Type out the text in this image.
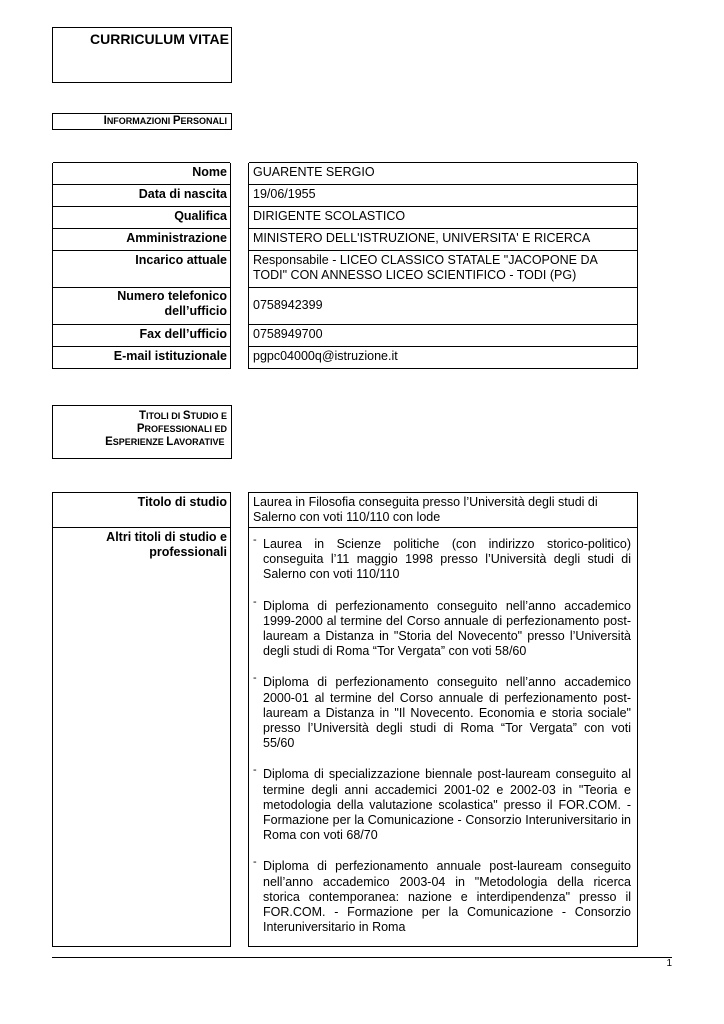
CURRICULUM VITAE
INFORMAZIONI PERSONALI
Nome
Data di nascita
Qualifica
Amministrazione
Incarico attuale
Numero telefonico dell’ufficio
Fax dell’ufficio
E-mail istituzionale
GUARENTE SERGIO
19/06/1955
DIRIGENTE SCOLASTICO
MINISTERO DELL'ISTRUZIONE, UNIVERSITA' E RICERCA
Responsabile - LICEO CLASSICO STATALE "JACOPONE DA TODI" CON ANNESSO LICEO SCIENTIFICO - TODI (PG)
0758942399
0758949700
pgpc04000q@istruzione.it
TITOLI DI STUDIO E
PROFESSIONALI ED
ESPERIENZE LAVORATIVE
Titolo di studio
Altri titoli di studio e
professionali
Laurea in Filosofia conseguita presso l’Università degli studi di Salerno con voti 110/110 con lode
- Laurea in Scienze politiche (con indirizzo storico-politico) conseguita l’11 maggio 1998 presso l’Università degli studi di Salerno con voti 110/110
- Diploma di perfezionamento conseguito nell’anno accademico 1999-2000 al termine del Corso annuale di perfezionamento post-lauream a Distanza in "Storia del Novecento" presso l’Università degli studi di Roma “Tor Vergata” con voti 58/60
- Diploma di perfezionamento conseguito nell’anno accademico 2000-01 al termine del Corso annuale di perfezionamento post-lauream a Distanza in "Il Novecento. Economia e storia sociale" presso l’Università degli studi di Roma “Tor Vergata” con voti 55/60
- Diploma di specializzazione biennale post-lauream conseguito al termine degli anni accademici 2001-02 e 2002-03 in "Teoria e metodologia della valutazione scolastica" presso il FOR.COM. - Formazione per la Comunicazione - Consorzio Interuniversitario in Roma con voti 68/70
- Diploma di perfezionamento annuale post-lauream conseguito nell’anno accademico 2003-04 in "Metodologia della ricerca storica contemporanea: nazione e interdipendenza" presso il FOR.COM. - Formazione per la Comunicazione - Consorzio Interuniversitario in Roma
1
